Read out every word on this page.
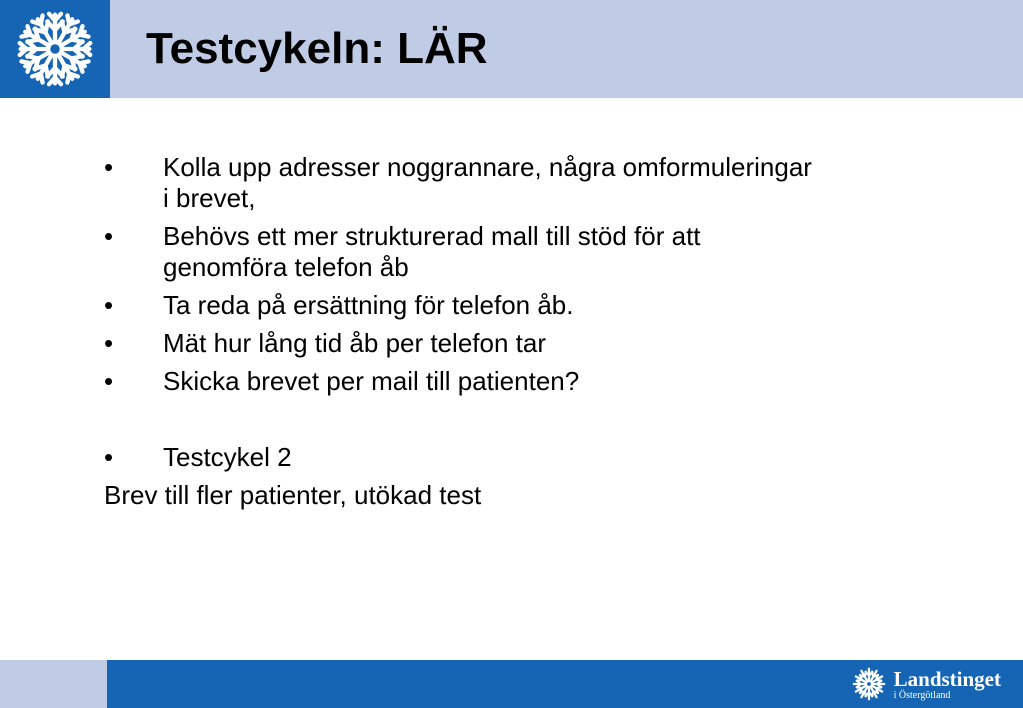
Testcykeln: LÄR
• Kolla upp adresser noggrannare, några omformuleringar
i brevet,
• Behövs ett mer strukturerad mall till stöd för att
genomföra telefon åb
• Ta reda på ersättning för telefon åb.
• Mät hur lång tid åb per telefon tar
• Skicka brevet per mail till patienten?
• Testcykel 2

Brev till fler patienter, utökad test

Landstinget
i Östergötland
